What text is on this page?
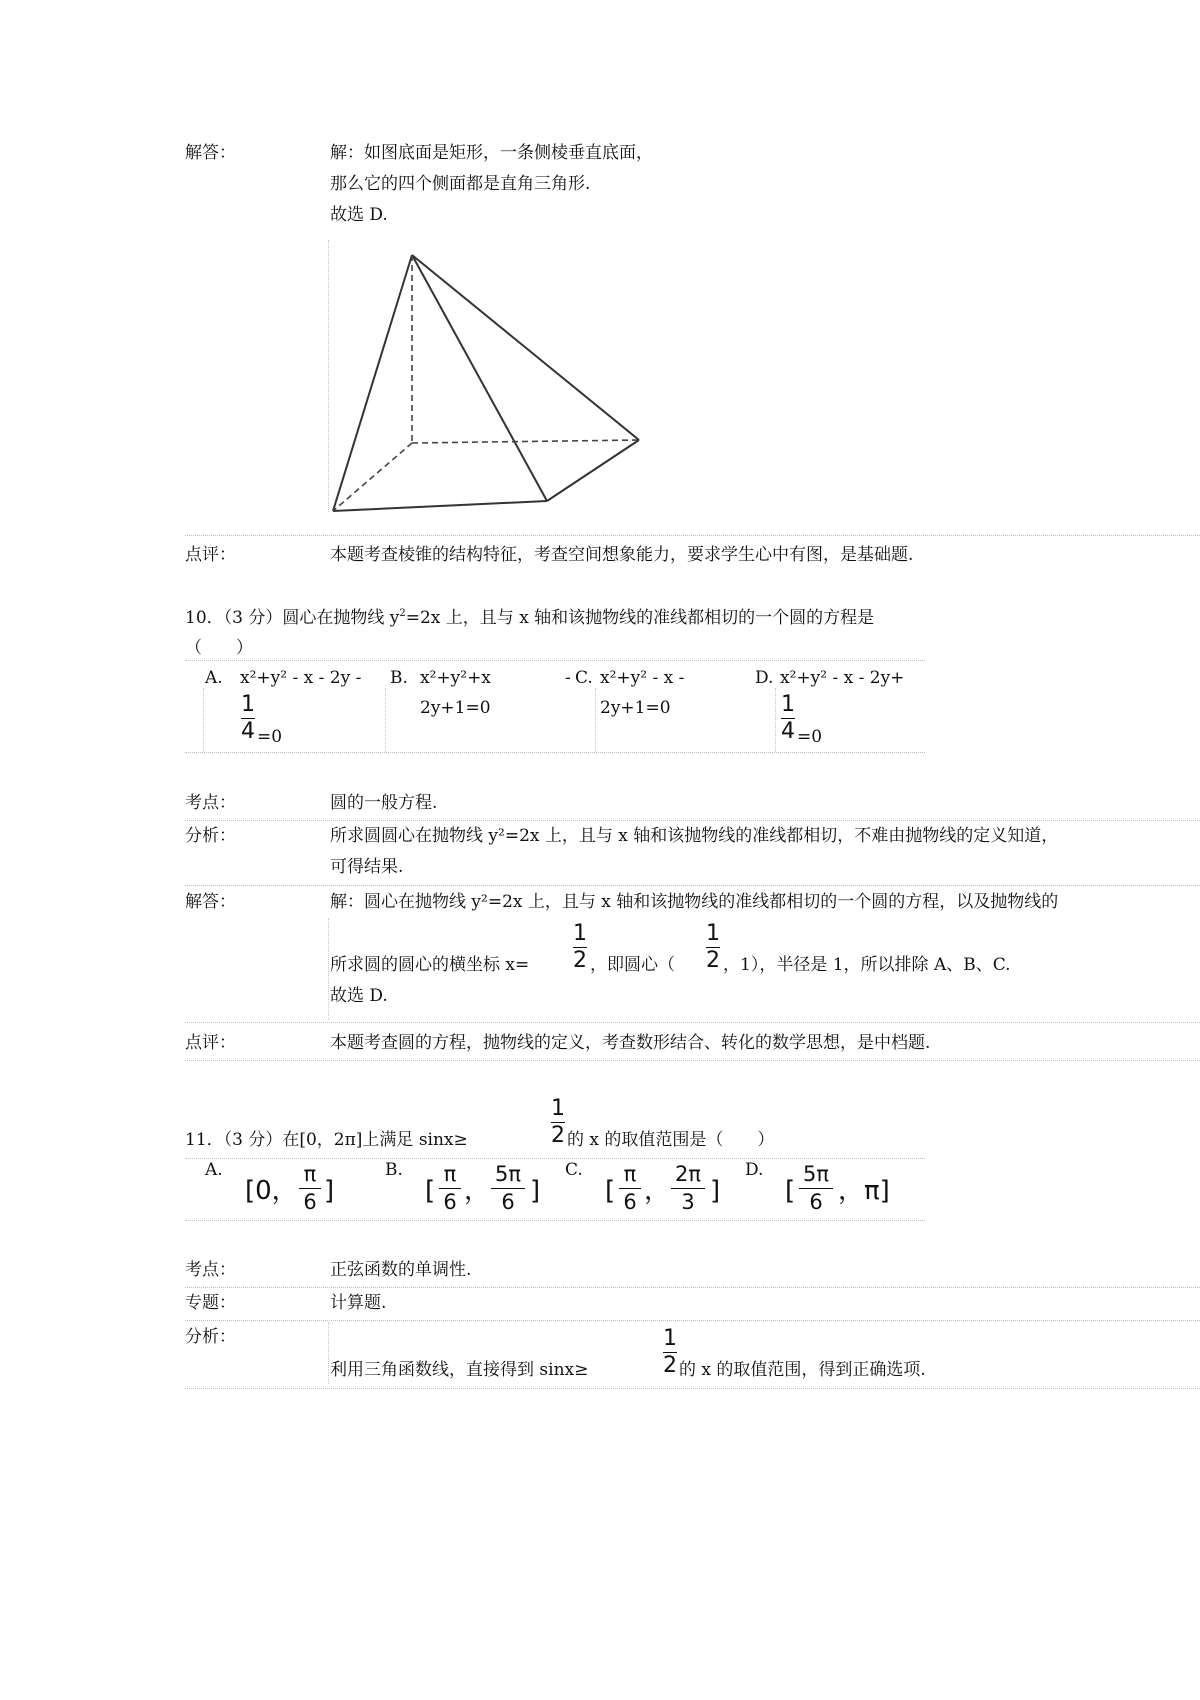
解答：	解：如图底面是矩形，一条侧棱垂直底面，
那么它的四个侧面都是直角三角形.
故选 D.
点评：	本题考查棱锥的结构特征，考查空间想象能力，要求学生心中有图，是基础题.
10．（3 分）圆心在抛物线 $y^2=2x$ 上，且与 x 轴和该抛物线的准线都相切的一个圆的方程是
（　　）
A. x²+y² - x - 2y -
1
4 =0
B. x²+y²+x	-
2y+1=0
C. x²+y² - x -
2y+1=0
D. x²+y² - x - 2y+
1
4 =0
考点：	圆的一般方程.
分析：	所求圆圆心在抛物线 y²=2x 上，且与 x 轴和该抛物线的准线都相切，不难由抛物线的定义知道，
可得结果.
解答：	解：圆心在抛物线 y²=2x 上，且与 x 轴和该抛物线的准线都相切的一个圆的方程，以及抛物线的
所求圆的圆心的横坐标 x=
1
2 ，即圆心（
1
2 ，1），半径是 1，所以排除 A、B、C.
故选 D.
点评：	本题考查圆的方程，抛物线的定义，考查数形结合、转化的数学思想，是中档题.
11．（3 分）在[0，2π]上满足 sinx≥
1
2 的 x 的取值范围是（　　）
A.
[0，
π
6 ]
B.
[
π
6 ，
5π
6 ]
C.
[
π
6 ，
2π
3 ]
D.
[
5π
6 ，π]
考点：	正弦函数的单调性.
专题：	计算题.
分析：
利用三角函数线，直接得到 sinx≥
1
2 的 x 的取值范围，得到正确选项.
